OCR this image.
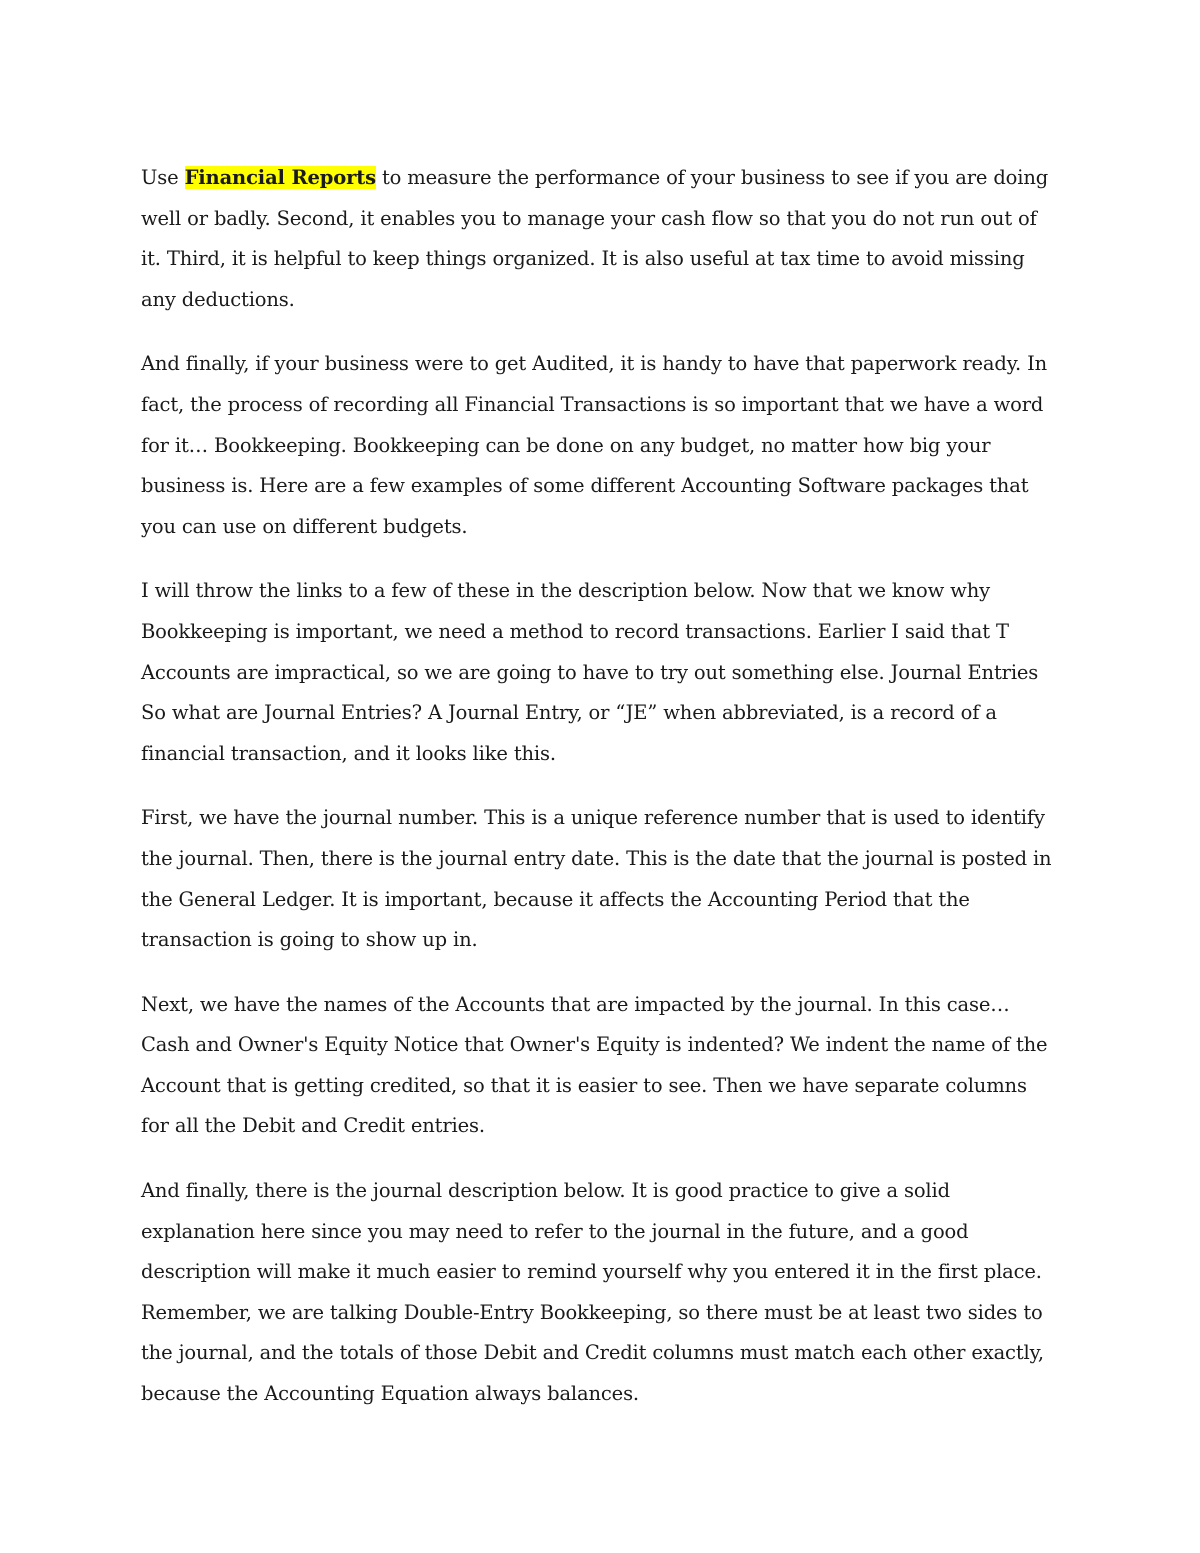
Use Financial Reports to measure the performance of your business to see if you are doing well or badly. Second, it enables you to manage your cash flow so that you do not run out of it. Third, it is helpful to keep things organized. It is also useful at tax time to avoid missing any deductions.

And finally, if your business were to get Audited, it is handy to have that paperwork ready. In fact, the process of recording all Financial Transactions is so important that we have a word for it… Bookkeeping. Bookkeeping can be done on any budget, no matter how big your business is. Here are a few examples of some different Accounting Software packages that you can use on different budgets.

I will throw the links to a few of these in the description below. Now that we know why Bookkeeping is important, we need a method to record transactions. Earlier I said that T Accounts are impractical, so we are going to have to try out something else. Journal Entries So what are Journal Entries? A Journal Entry, or “JE” when abbreviated, is a record of a financial transaction, and it looks like this.

First, we have the journal number. This is a unique reference number that is used to identify the journal. Then, there is the journal entry date. This is the date that the journal is posted in the General Ledger. It is important, because it affects the Accounting Period that the transaction is going to show up in.

Next, we have the names of the Accounts that are impacted by the journal. In this case… Cash and Owner's Equity Notice that Owner's Equity is indented? We indent the name of the Account that is getting credited, so that it is easier to see. Then we have separate columns for all the Debit and Credit entries.

And finally, there is the journal description below. It is good practice to give a solid explanation here since you may need to refer to the journal in the future, and a good description will make it much easier to remind yourself why you entered it in the first place. Remember, we are talking Double-Entry Bookkeeping, so there must be at least two sides to the journal, and the totals of those Debit and Credit columns must match each other exactly, because the Accounting Equation always balances.
